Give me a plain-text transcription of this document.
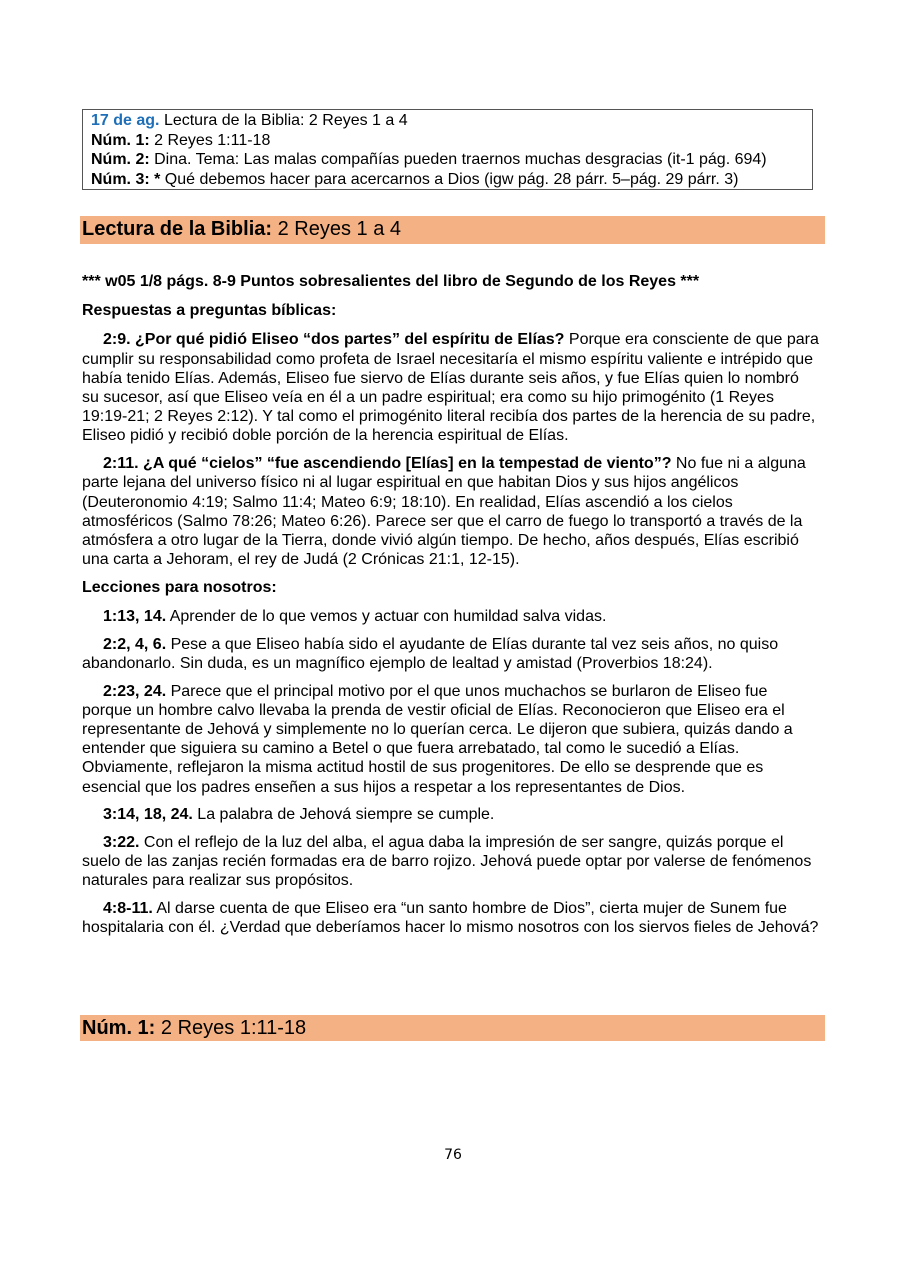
17 de ag. Lectura de la Biblia: 2 Reyes 1 a 4
Núm. 1: 2 Reyes 1:11-18
Núm. 2: Dina. Tema: Las malas compañías pueden traernos muchas desgracias (it-1 pág. 694)
Núm. 3: * Qué debemos hacer para acercarnos a Dios (igw pág. 28 párr. 5–pág. 29 párr. 3)
Lectura de la Biblia: 2 Reyes 1 a 4

*** w05 1/8 págs. 8-9 Puntos sobresalientes del libro de Segundo de los Reyes ***

Respuestas a preguntas bíblicas:

2:9. ¿Por qué pidió Eliseo “dos partes” del espíritu de Elías? Porque era consciente de que para cumplir su responsabilidad como profeta de Israel necesitaría el mismo espíritu valiente e intrépido que había tenido Elías. Además, Eliseo fue siervo de Elías durante seis años, y fue Elías quien lo nombró su sucesor, así que Eliseo veía en él a un padre espiritual; era como su hijo primogénito (1 Reyes 19:19-21; 2 Reyes 2:12). Y tal como el primogénito literal recibía dos partes de la herencia de su padre, Eliseo pidió y recibió doble porción de la herencia espiritual de Elías.

2:11. ¿A qué “cielos” “fue ascendiendo [Elías] en la tempestad de viento”? No fue ni a alguna parte lejana del universo físico ni al lugar espiritual en que habitan Dios y sus hijos angélicos (Deuteronomio 4:19; Salmo 11:4; Mateo 6:9; 18:10). En realidad, Elías ascendió a los cielos atmosféricos (Salmo 78:26; Mateo 6:26). Parece ser que el carro de fuego lo transportó a través de la atmósfera a otro lugar de la Tierra, donde vivió algún tiempo. De hecho, años después, Elías escribió una carta a Jehoram, el rey de Judá (2 Crónicas 21:1, 12-15).

Lecciones para nosotros:

1:13, 14. Aprender de lo que vemos y actuar con humildad salva vidas.

2:2, 4, 6. Pese a que Eliseo había sido el ayudante de Elías durante tal vez seis años, no quiso abandonarlo. Sin duda, es un magnífico ejemplo de lealtad y amistad (Proverbios 18:24).

2:23, 24. Parece que el principal motivo por el que unos muchachos se burlaron de Eliseo fue porque un hombre calvo llevaba la prenda de vestir oficial de Elías. Reconocieron que Eliseo era el representante de Jehová y simplemente no lo querían cerca. Le dijeron que subiera, quizás dando a entender que siguiera su camino a Betel o que fuera arrebatado, tal como le sucedió a Elías. Obviamente, reflejaron la misma actitud hostil de sus progenitores. De ello se desprende que es esencial que los padres enseñen a sus hijos a respetar a los representantes de Dios.

3:14, 18, 24. La palabra de Jehová siempre se cumple.

3:22. Con el reflejo de la luz del alba, el agua daba la impresión de ser sangre, quizás porque el suelo de las zanjas recién formadas era de barro rojizo. Jehová puede optar por valerse de fenómenos naturales para realizar sus propósitos.

4:8-11. Al darse cuenta de que Eliseo era “un santo hombre de Dios”, cierta mujer de Sunem fue hospitalaria con él. ¿Verdad que deberíamos hacer lo mismo nosotros con los siervos fieles de Jehová?

Núm. 1: 2 Reyes 1:11-18
76
